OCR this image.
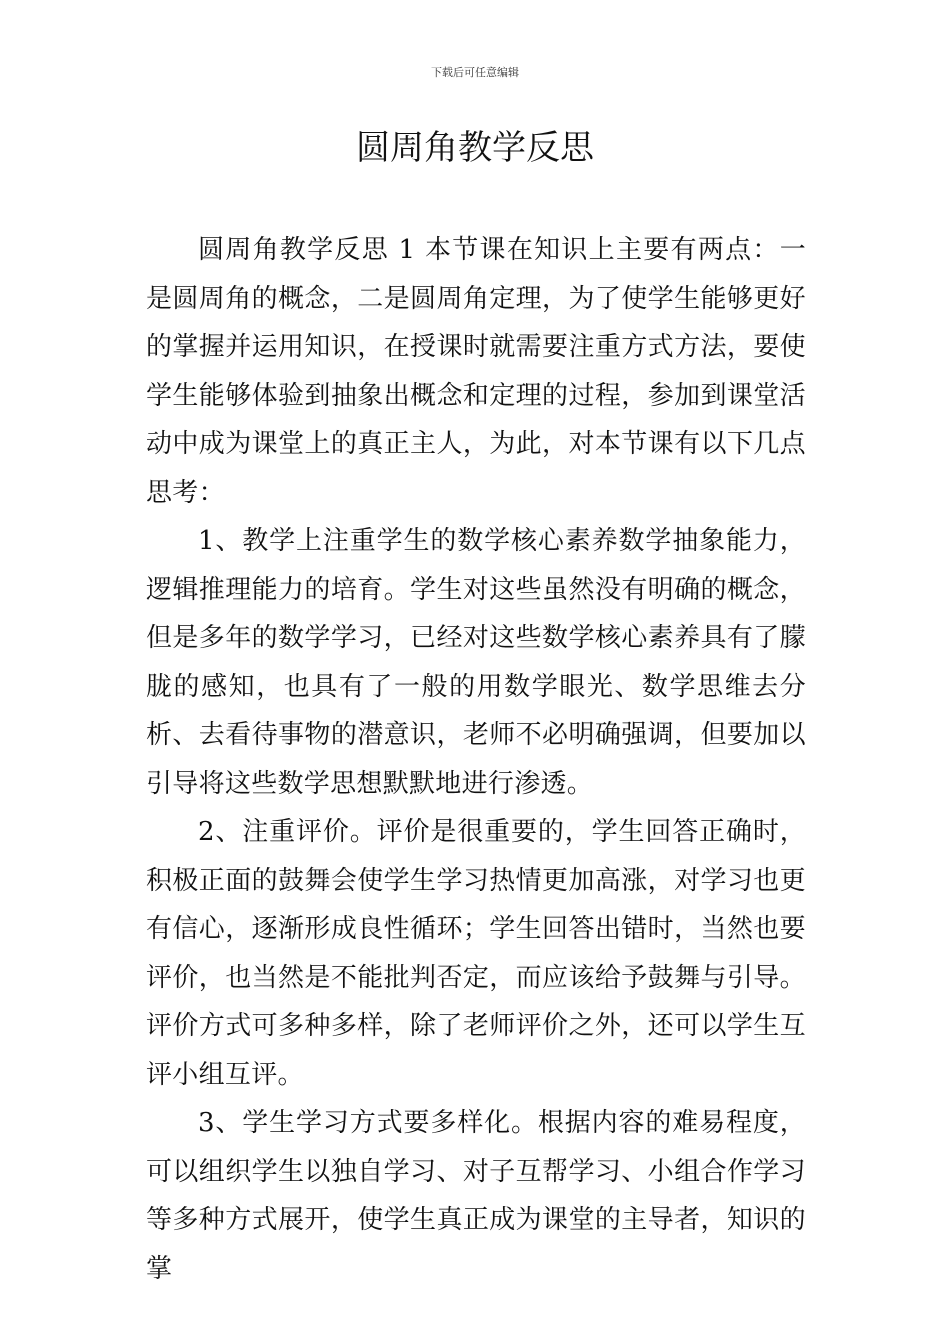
下载后可任意编辑
圆周角教学反思

圆周角教学反思 1 本节课在知识上主要有两点：一是圆周角的概念，二是圆周角定理，为了使学生能够更好的掌握并运用知识，在授课时就需要注重方式方法，要使学生能够体验到抽象出概念和定理的过程，参加到课堂活动中成为课堂上的真正主人，为此，对本节课有以下几点思考：

1、教学上注重学生的数学核心素养数学抽象能力，逻辑推理能力的培育。学生对这些虽然没有明确的概念，但是多年的数学学习，已经对这些数学核心素养具有了朦胧的感知，也具有了一般的用数学眼光、数学思维去分析、去看待事物的潜意识，老师不必明确强调，但要加以引导将这些数学思想默默地进行渗透。

2、注重评价。评价是很重要的，学生回答正确时，积极正面的鼓舞会使学生学习热情更加高涨，对学习也更有信心，逐渐形成良性循环；学生回答出错时，当然也要评价，也当然是不能批判否定，而应该给予鼓舞与引导。评价方式可多种多样，除了老师评价之外，还可以学生互评小组互评。

3、学生学习方式要多样化。根据内容的难易程度，可以组织学生以独自学习、对子互帮学习、小组合作学习等多种方式展开，使学生真正成为课堂的主导者，知识的掌
